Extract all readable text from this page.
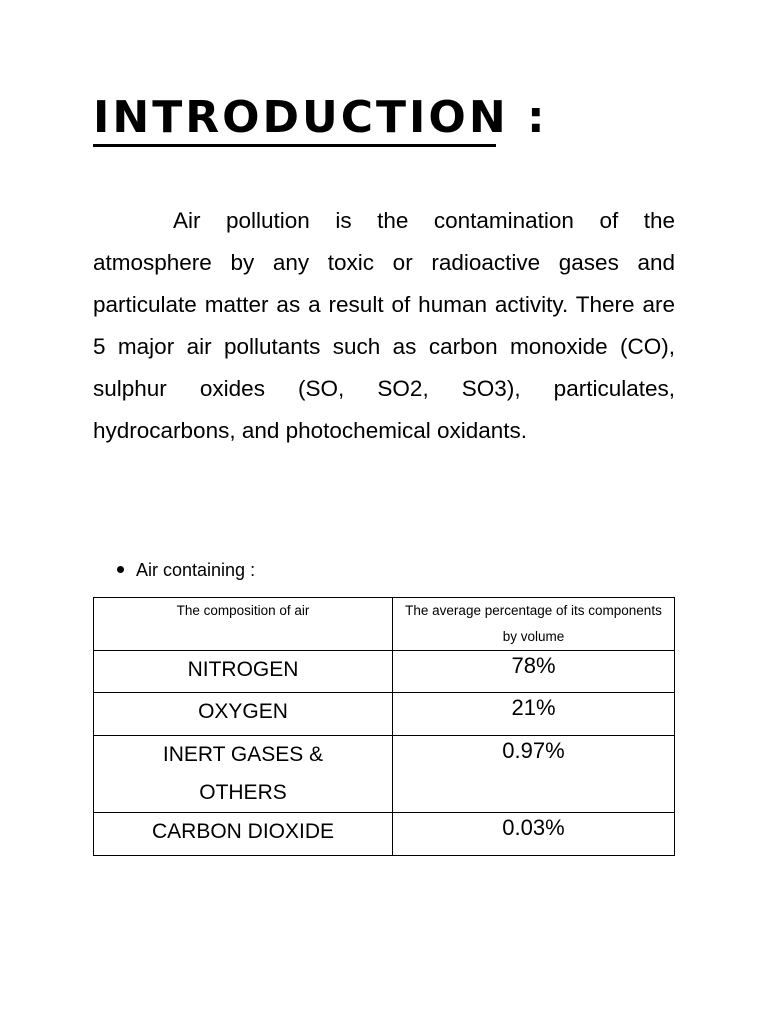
INTRODUCTION :

Air pollution is the contamination of the atmosphere by any toxic or radioactive gases and particulate matter as a result of human activity. There are 5 major air pollutants such as carbon monoxide (CO), sulphur oxides (SO, SO2, SO3), particulates, hydrocarbons, and photochemical oxidants.

Air containing :
The composition of air	The average percentage of its components by volume
NITROGEN	78%
OXYGEN	21%
INERT GASES & OTHERS	0.97%
CARBON DIOXIDE	0.03%
